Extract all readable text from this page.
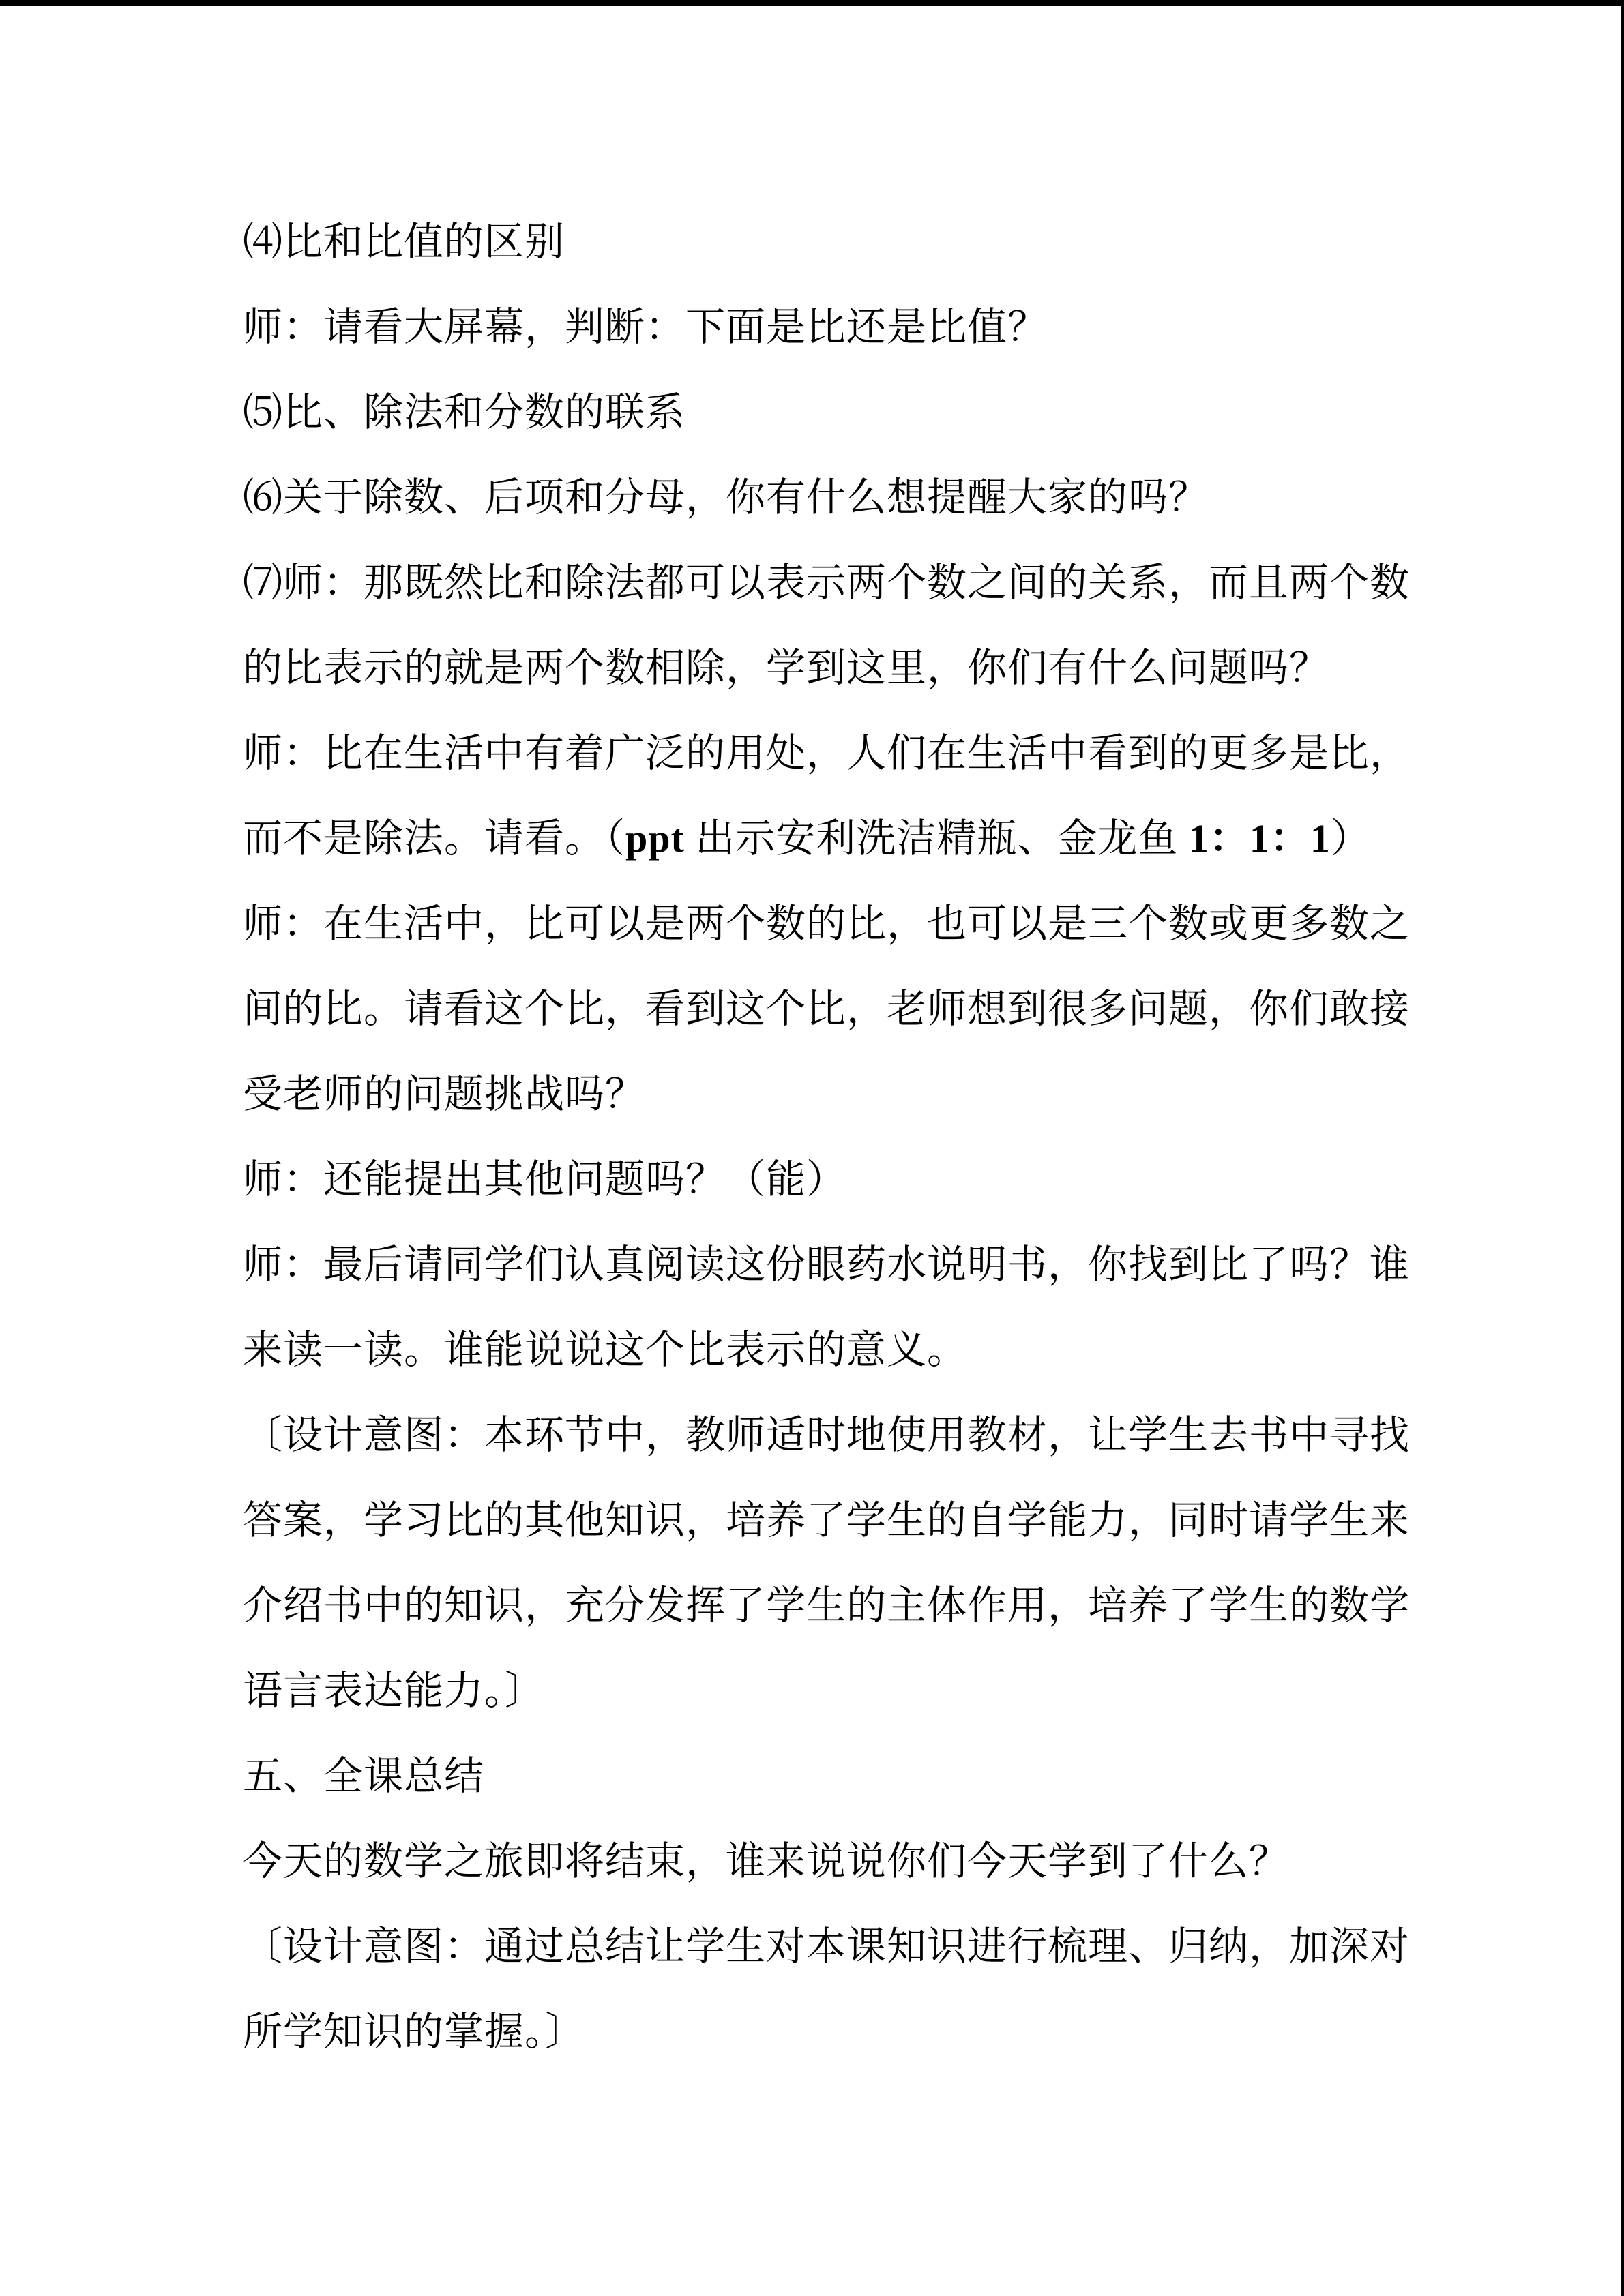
⑷比和比值的区别
师：请看大屏幕，判断：下面是比还是比值？
⑸比、除法和分数的联系
⑹关于除数、后项和分母，你有什么想提醒大家的吗？
⑺师：那既然比和除法都可以表示两个数之间的关系，而且两个数
的比表示的就是两个数相除，学到这里，你们有什么问题吗？
师：比在生活中有着广泛的用处，人们在生活中看到的更多是比，
而不是除法。请看。（ppt 出示安利洗洁精瓶、金龙鱼 1：1：1）
师：在生活中，比可以是两个数的比，也可以是三个数或更多数之
间的比。请看这个比，看到这个比，老师想到很多问题，你们敢接
受老师的问题挑战吗？
师：还能提出其他问题吗？（能）
师：最后请同学们认真阅读这份眼药水说明书，你找到比了吗？谁
来读一读。谁能说说这个比表示的意义。
〔设计意图：本环节中，教师适时地使用教材，让学生去书中寻找
答案，学习比的其他知识，培养了学生的自学能力，同时请学生来
介绍书中的知识，充分发挥了学生的主体作用，培养了学生的数学
语言表达能力。〕
五、全课总结
今天的数学之旅即将结束，谁来说说你们今天学到了什么？
〔设计意图：通过总结让学生对本课知识进行梳理、归纳，加深对
所学知识的掌握。〕
